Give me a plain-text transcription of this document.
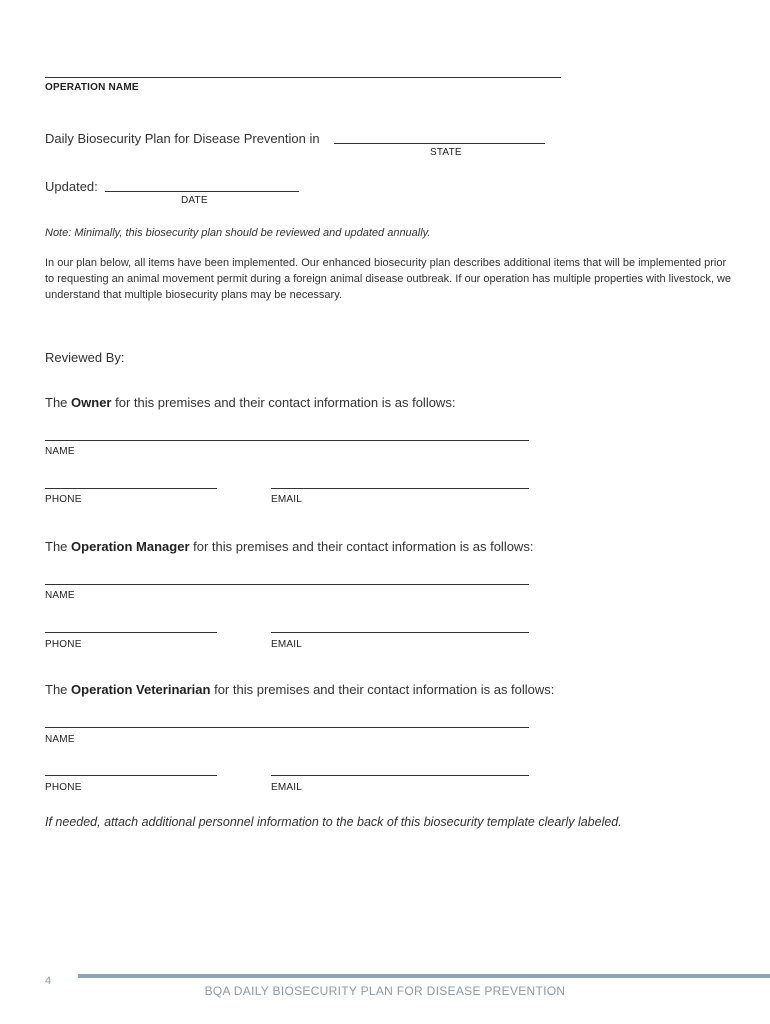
OPERATION NAME
Daily Biosecurity Plan for Disease Prevention in
STATE
Updated:
DATE
Note: Minimally, this biosecurity plan should be reviewed and updated annually.
In our plan below, all items have been implemented. Our enhanced biosecurity plan describes additional items that will be implemented prior to requesting an animal movement permit during a foreign animal disease outbreak. If our operation has multiple properties with livestock, we understand that multiple biosecurity plans may be necessary.
Reviewed By:
The Owner for this premises and their contact information is as follows:
NAME
PHONE	EMAIL
The Operation Manager for this premises and their contact information is as follows:
NAME
PHONE	EMAIL
The Operation Veterinarian for this premises and their contact information is as follows:
NAME
PHONE	EMAIL
If needed, attach additional personnel information to the back of this biosecurity template clearly labeled.
4
BQA DAILY BIOSECURITY PLAN FOR DISEASE PREVENTION
